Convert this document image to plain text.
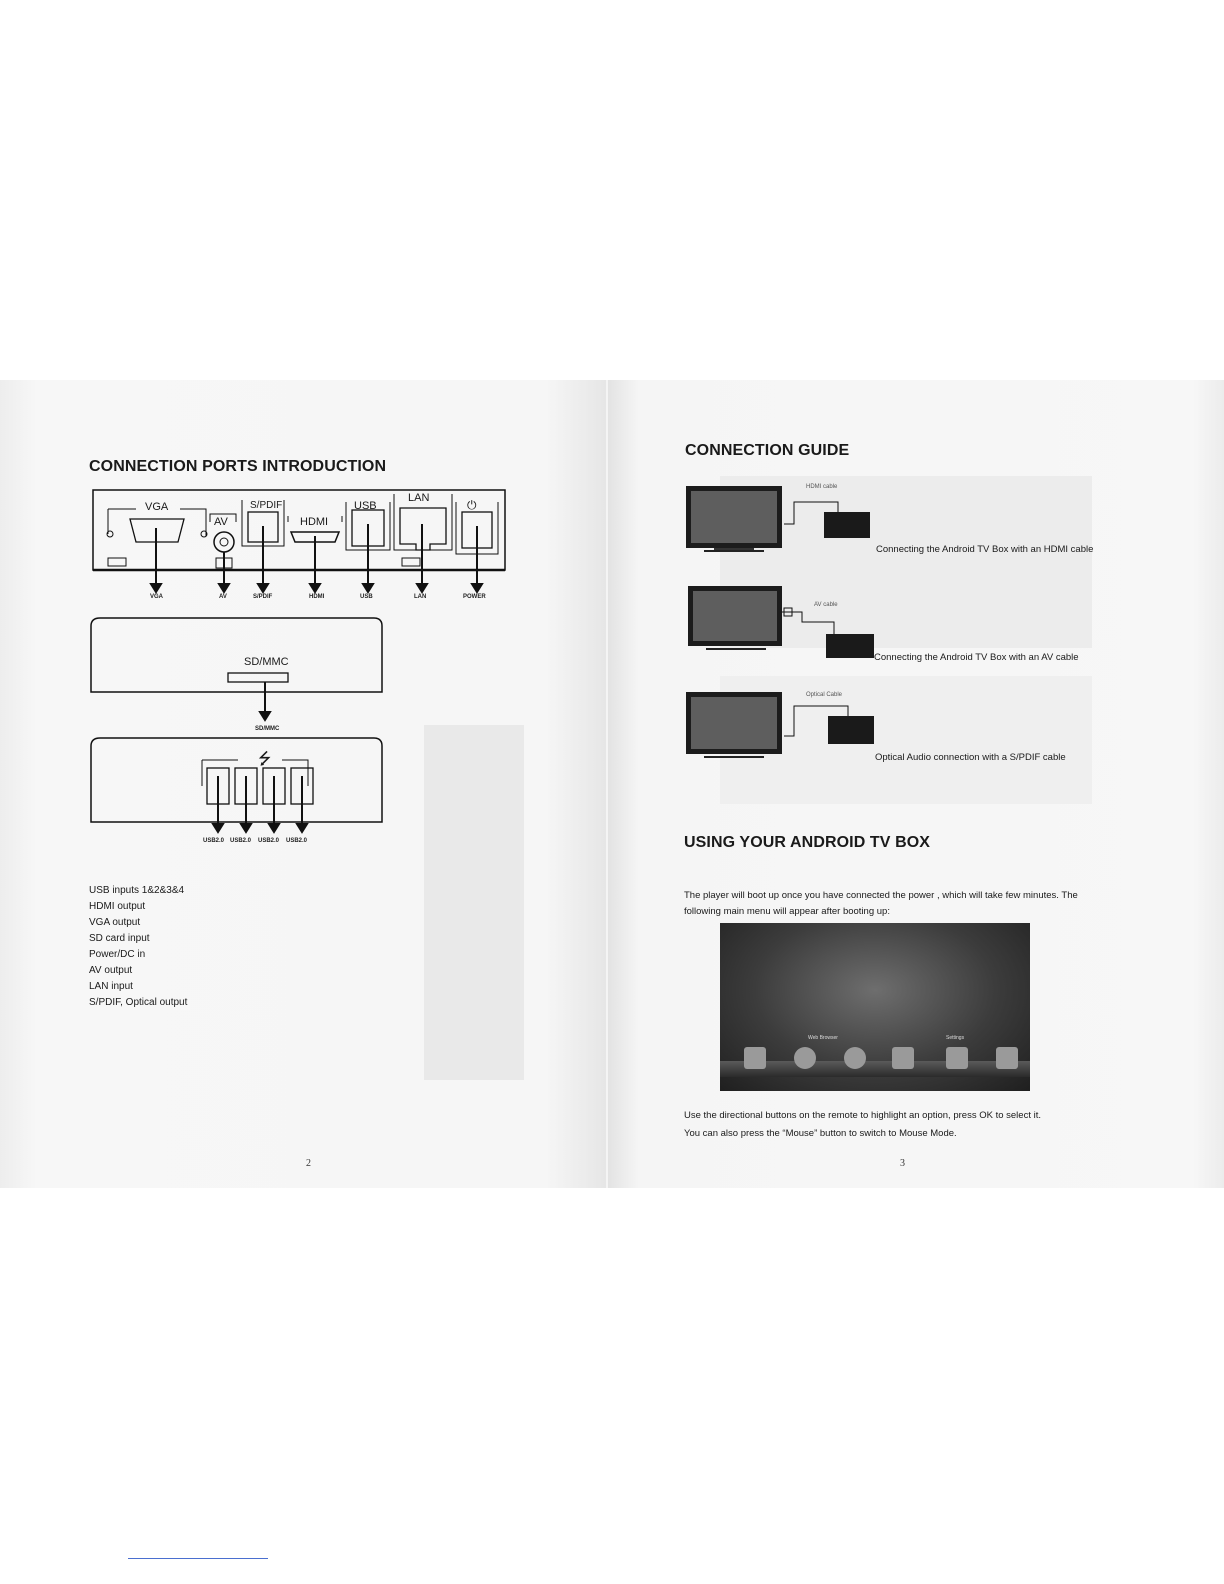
CONNECTION PORTS INTRODUCTION
VGA
AV
S/PDIF
HDMI
USB
LAN	⏻
VGA	AV	S/PDIF	HDMI	USB	LAN	POWER
SD/MMC
SD/MMC
⭍
USB2.0 USB2.0 USB2.0 USB2.0
USB inputs 1&2&3&4
HDMI output
VGA output
SD card input
Power/DC in
AV output
LAN input
S/PDIF, Optical output
2
CONNECTION GUIDE
HDMI cable
Connecting the Android TV Box with an HDMI cable
AV cable
Connecting the Android TV Box with an AV cable
Optical Cable
Optical Audio connection with a S/PDIF cable
USING YOUR ANDROID TV BOX
The player will boot up once you have connected the power , which will take few minutes. The
following main menu will appear after booting up:
Web Browser	Settings
Use the directional buttons on the remote to highlight an option, press OK to select it.
You can also press the “Mouse” button to switch to Mouse Mode.
3
